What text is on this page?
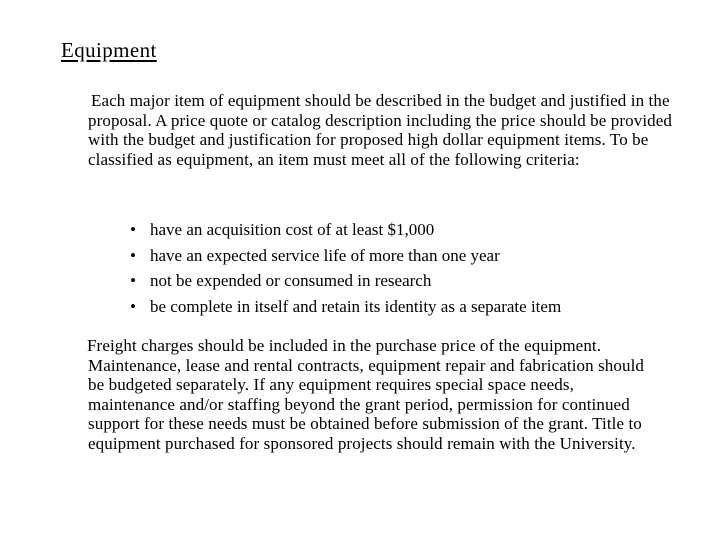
Equipment
Each major item of equipment should be described in the budget and justified in the proposal. A price quote or catalog description including the price should be provided with the budget and justification for proposed high dollar equipment items. To be classified as equipment, an item must meet all of the following criteria:
• have an acquisition cost of at least $1,000
• have an expected service life of more than one year
• not be expended or consumed in research
• be complete in itself and retain its identity as a separate item
Freight charges should be included in the purchase price of the equipment. Maintenance, lease and rental contracts, equipment repair and fabrication should be budgeted separately. If any equipment requires special space needs, maintenance and/or staffing beyond the grant period, permission for continued support for these needs must be obtained before submission of the grant. Title to equipment purchased for sponsored projects should remain with the University.
